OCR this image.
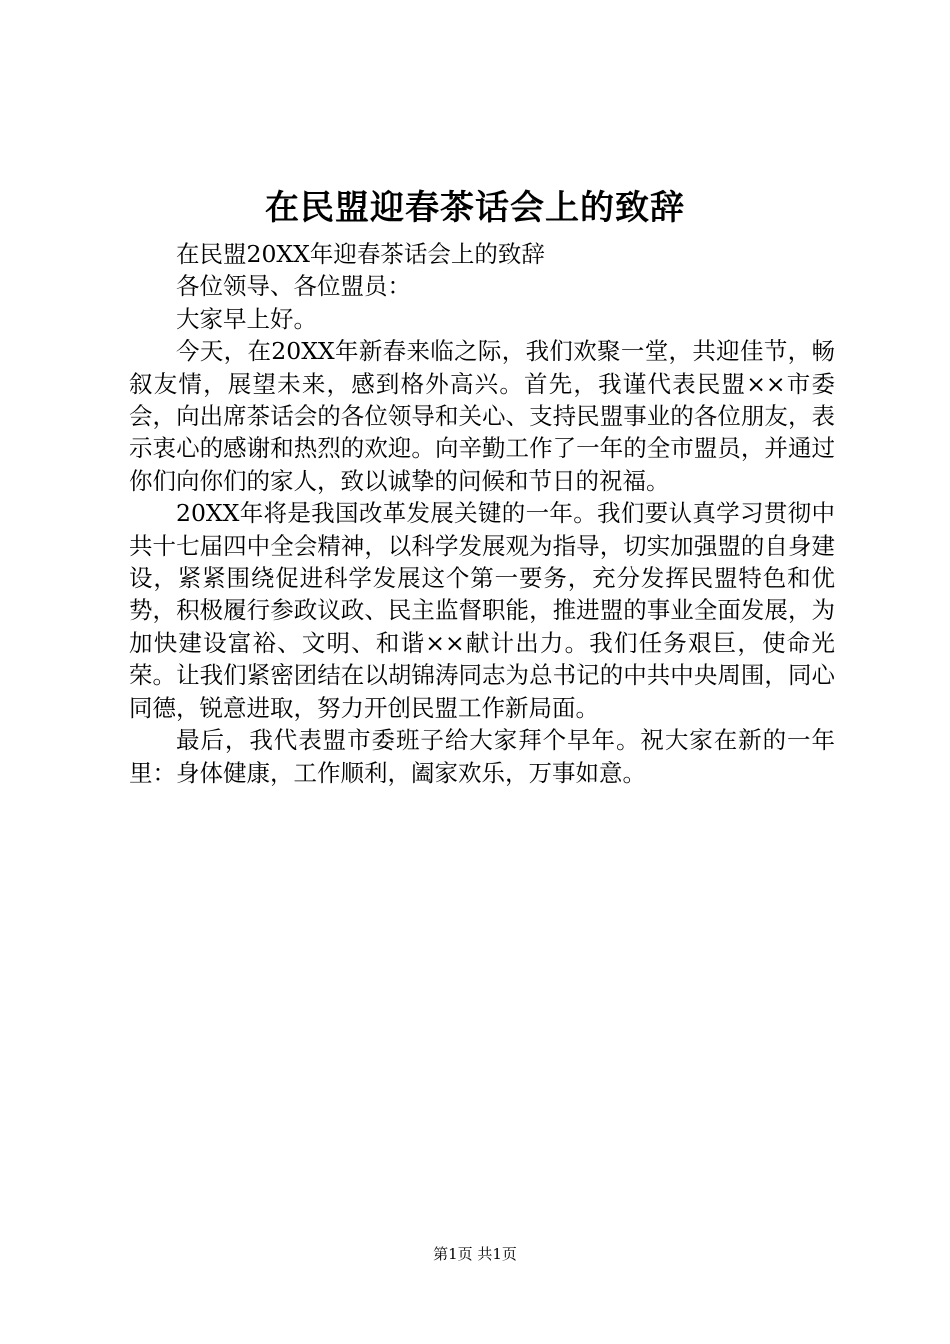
在民盟迎春茶话会上的致辞

在民盟20XX年迎春茶话会上的致辞

各位领导、各位盟员：

大家早上好。

今天，在20XX年新春来临之际，我们欢聚一堂，共迎佳节，畅叙友情，展望未来，感到格外高兴。首先，我谨代表民盟××市委会，向出席茶话会的各位领导和关心、支持民盟事业的各位朋友，表示衷心的感谢和热烈的欢迎。向辛勤工作了一年的全市盟员，并通过你们向你们的家人，致以诚挚的问候和节日的祝福。

20XX年将是我国改革发展关键的一年。我们要认真学习贯彻中共十七届四中全会精神，以科学发展观为指导，切实加强盟的自身建设，紧紧围绕促进科学发展这个第一要务，充分发挥民盟特色和优势，积极履行参政议政、民主监督职能，推进盟的事业全面发展，为加快建设富裕、文明、和谐××献计出力。我们任务艰巨，使命光荣。让我们紧密团结在以胡锦涛同志为总书记的中共中央周围，同心同德，锐意进取，努力开创民盟工作新局面。

最后，我代表盟市委班子给大家拜个早年。祝大家在新的一年里：身体健康，工作顺利，阖家欢乐，万事如意。

第1页 共1页
